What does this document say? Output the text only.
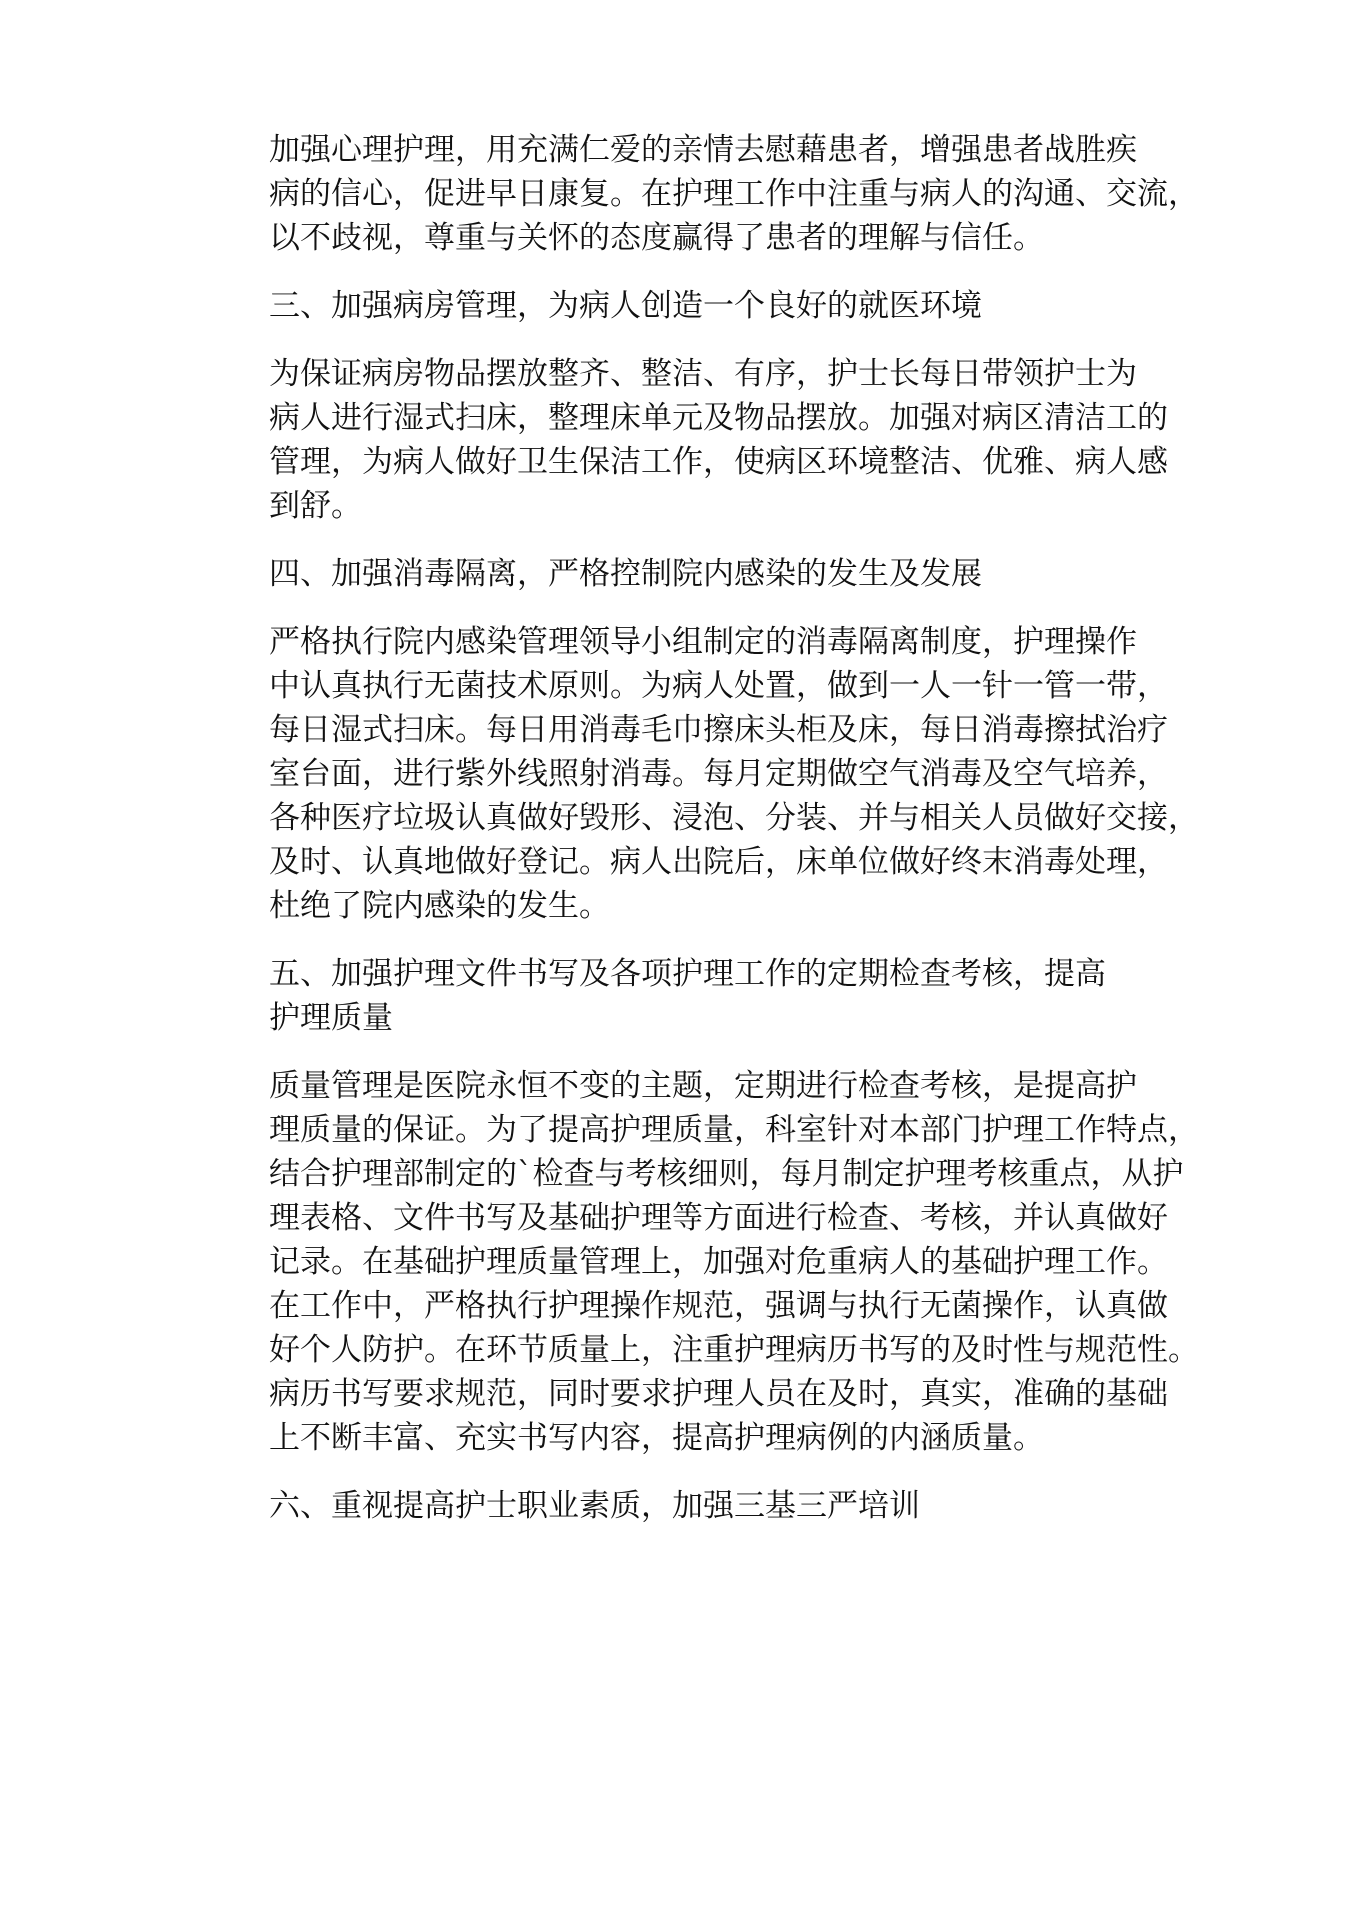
加强心理护理，用充满仁爱的亲情去慰藉患者，增强患者战胜疾
病的信心，促进早日康复。在护理工作中注重与病人的沟通、交流，
以不歧视，尊重与关怀的态度赢得了患者的理解与信任。
三、加强病房管理，为病人创造一个良好的就医环境
为保证病房物品摆放整齐、整洁、有序，护士长每日带领护士为
病人进行湿式扫床，整理床单元及物品摆放。加强对病区清洁工的
管理，为病人做好卫生保洁工作，使病区环境整洁、优雅、病人感
到舒。
四、加强消毒隔离，严格控制院内感染的发生及发展
严格执行院内感染管理领导小组制定的消毒隔离制度，护理操作
中认真执行无菌技术原则。为病人处置，做到一人一针一管一带，
每日湿式扫床。每日用消毒毛巾擦床头柜及床，每日消毒擦拭治疗
室台面，进行紫外线照射消毒。每月定期做空气消毒及空气培养，
各种医疗垃圾认真做好毁形、浸泡、分装、并与相关人员做好交接，
及时、认真地做好登记。病人出院后，床单位做好终末消毒处理，
杜绝了院内感染的发生。
五、加强护理文件书写及各项护理工作的定期检查考核，提高
护理质量
质量管理是医院永恒不变的主题，定期进行检查考核，是提高护
理质量的保证。为了提高护理质量，科室针对本部门护理工作特点，
结合护理部制定的`检查与考核细则，每月制定护理考核重点，从护
理表格、文件书写及基础护理等方面进行检查、考核，并认真做好
记录。在基础护理质量管理上，加强对危重病人的基础护理工作。
在工作中，严格执行护理操作规范，强调与执行无菌操作，认真做
好个人防护。在环节质量上，注重护理病历书写的及时性与规范性。
病历书写要求规范，同时要求护理人员在及时，真实，准确的基础
上不断丰富、充实书写内容，提高护理病例的内涵质量。
六、重视提高护士职业素质，加强三基三严培训
